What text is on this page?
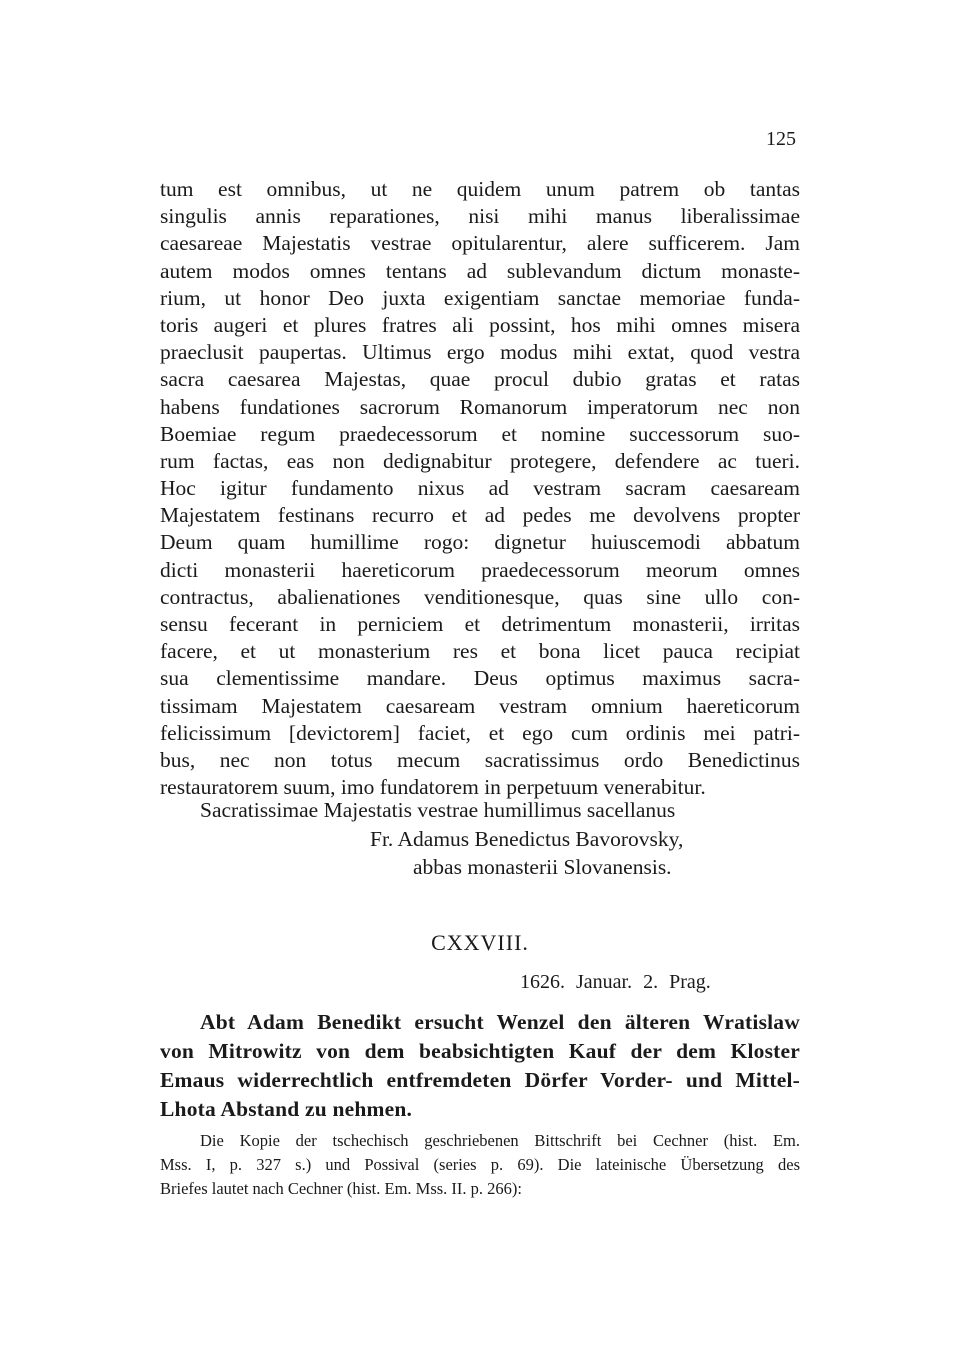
125
tum est omnibus, ut ne quidem unum patrem ob tantas
singulis annis reparationes, nisi mihi manus liberalissimae
caesareae Majestatis vestrae opitularentur, alere sufficerem. Jam
autem modos omnes tentans ad sublevandum dictum monaste-
rium, ut honor Deo juxta exigentiam sanctae memoriae funda-
toris augeri et plures fratres ali possint, hos mihi omnes misera
praeclusit paupertas. Ultimus ergo modus mihi extat, quod vestra
sacra caesarea Majestas, quae procul dubio gratas et ratas
habens fundationes sacrorum Romanorum imperatorum nec non
Boemiae regum praedecessorum et nomine successorum suo-
rum factas, eas non dedignabitur protegere, defendere ac tueri.
Hoc igitur fundamento nixus ad vestram sacram caesaream
Majestatem festinans recurro et ad pedes me devolvens propter
Deum quam humillime rogo: dignetur huiuscemodi abbatum
dicti monasterii haereticorum praedecessorum meorum omnes
contractus, abalienationes venditionesque, quas sine ullo con-
sensu fecerant in perniciem et detrimentum monasterii, irritas
facere, et ut monasterium res et bona licet pauca recipiat
sua clementissime mandare. Deus optimus maximus sacra-
tissimam Majestatem caesaream vestram omnium haereticorum
felicissimum [devictorem] faciet, et ego cum ordinis mei patri-
bus, nec non totus mecum sacratissimus ordo Benedictinus
restauratorem suum, imo fundatorem in perpetuum venerabitur.
Sacratissimae Majestatis vestrae humillimus sacellanus
Fr. Adamus Benedictus Bavorovsky,
abbas monasterii Slovanensis.
CXXVIII.
1626. Januar. 2. Prag.
Abt Adam Benedikt ersucht Wenzel den älteren Wratislaw
von Mitrowitz von dem beabsichtigten Kauf der dem Kloster
Emaus widerrechtlich entfremdeten Dörfer Vorder- und Mittel-
Lhota Abstand zu nehmen.
Die Kopie der tschechisch geschriebenen Bittschrift bei Cechner (hist. Em.
Mss. I, p. 327 s.) und Possival (series p. 69). Die lateinische Übersetzung des
Briefes lautet nach Cechner (hist. Em. Mss. II. p. 266):
